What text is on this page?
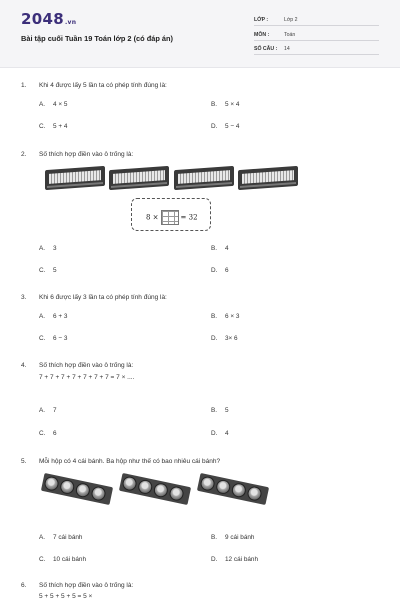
2048.vn
Bài tập cuối Tuần 19 Toán lớp 2 (có đáp án)
LỚP :	Lớp 2
MÔN :	Toán
SỐ CÂU : 14
1. Khi 4 được lấy 5 lần ta có phép tính đúng là:
A. 4 × 5	B. 5 × 4
C. 5 + 4	D. 5 − 4
2. Số thích hợp điền vào ô trống là:
8 ×	= 32
A. 3	B. 4
C. 5	D. 6
3. Khi 6 được lấy 3 lần ta có phép tính đúng là:
A. 6 + 3	B. 6 × 3
C. 6 − 3	D. 3× 6
4. Số thích hợp điền vào ô trống là:
7 + 7 + 7 + 7 + 7 + 7 + 7 = 7 × ....
A. 7	B. 5
C. 6	D. 4
5. Mỗi hộp có 4 cái bánh. Ba hộp như thế có bao nhiêu cái bánh?
A. 7 cái bánh	B. 9 cái bánh
C. 10 cái bánh	D. 12 cái bánh
6. Số thích hợp điền vào ô trống là:
5 + 5 + 5 + 5 = 5 ×
